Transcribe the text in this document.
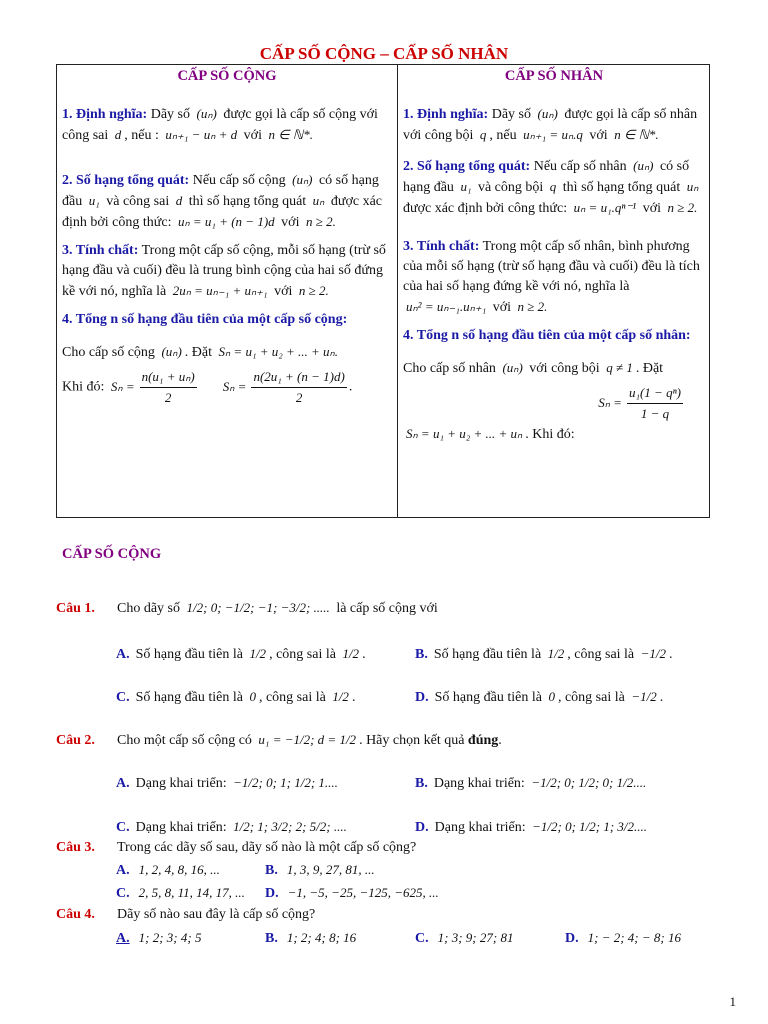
CẤP SỐ CỘNG – CẤP SỐ NHÂN
CẤP SỐ CỘNG
1. Định nghĩa: Dãy số (uₙ) được gọi là cấp số cộng với công sai d , nếu : uₙ₊₁ − uₙ + d với n ∈ ℕ*.
2. Số hạng tổng quát: Nếu cấp số cộng (uₙ) có số hạng đầu u₁ và công sai d thì số hạng tổng quát uₙ được xác định bởi công thức: uₙ = u₁ + (n − 1)d với n ≥ 2.
3. Tính chất: Trong một cấp số cộng, mỗi số hạng (trừ số hạng đầu và cuối) đều là trung bình cộng của hai số đứng kề với nó, nghĩa là 2uₙ = uₙ₋₁ + uₙ₊₁ với n ≥ 2.
4. Tổng n số hạng đầu tiên của một cấp số cộng:
Cho cấp số cộng (uₙ) . Đặt Sₙ = u₁ + u₂ + ... + uₙ.
Khi đó: $S_n = \frac{\text{n(u₁ + uₙ)}}{2}$ $S_n = \frac{\text{n(2u₁ + (n − 1)d)}}{2}$ .
CẤP SỐ NHÂN
1. Định nghĩa: Dãy số (uₙ) được gọi là cấp số nhân với công bội q , nếu uₙ₊₁ = uₙ.q với n ∈ ℕ*.
2. Số hạng tổng quát: Nếu cấp số nhân (uₙ) có số hạng đầu u₁ và công bội q thì số hạng tổng quát uₙ được xác định bởi công thức: uₙ = u₁.qⁿ⁻¹ với n ≥ 2.
3. Tính chất: Trong một cấp số nhân, bình phương của mỗi số hạng (trừ số hạng đầu và cuối) đều là tích của hai số hạng đứng kề với nó, nghĩa là uₙ² = uₙ₋₁.uₙ₊₁ với n ≥ 2.
4. Tổng n số hạng đầu tiên của một cấp số nhân:
Cho cấp số nhân (uₙ) với công bội q ≠ 1 . Đặt
$S_n = \frac{\text{u₁(1 − qⁿ)}}{1 - q}$
Sₙ = u₁ + u₂ + ... + uₙ . Khi đó:
CẤP SỐ CỘNG
Câu 1. Cho dãy số 1/2; 0; −1/2; −1; −3/2; ..... là cấp số cộng với
A. Số hạng đầu tiên là 1/2 , công sai là 1/2 .	B. Số hạng đầu tiên là 1/2 , công sai là −1/2 .
C. Số hạng đầu tiên là 0 , công sai là 1/2 .	D. Số hạng đầu tiên là 0 , công sai là −1/2 .
Câu 2. Cho một cấp số cộng có u₁ = −1/2; d = 1/2 . Hãy chọn kết quả đúng.
A. Dạng khai triển: −1/2; 0; 1; 1/2; 1....	B. Dạng khai triển: −1/2; 0; 1/2; 0; 1/2....
C. Dạng khai triển: 1/2; 1; 3/2; 2; 5/2; ....	D. Dạng khai triển: −1/2; 0; 1/2; 1; 3/2....
Câu 3. Trong các dãy số sau, dãy số nào là một cấp số cộng?
A. 1, 2, 4, 8, 16, ...	B. 1, 3, 9, 27, 81, ...
C. 2, 5, 8, 11, 14, 17, ... D. −1, −5, −25, −125, −625, ...
Câu 4. Dãy số nào sau đây là cấp số cộng?
A. 1; 2; 3; 4; 5	B. 1; 2; 4; 8; 16	C. 1; 3; 9; 27; 81	D. 1; − 2; 4; − 8; 16
1
